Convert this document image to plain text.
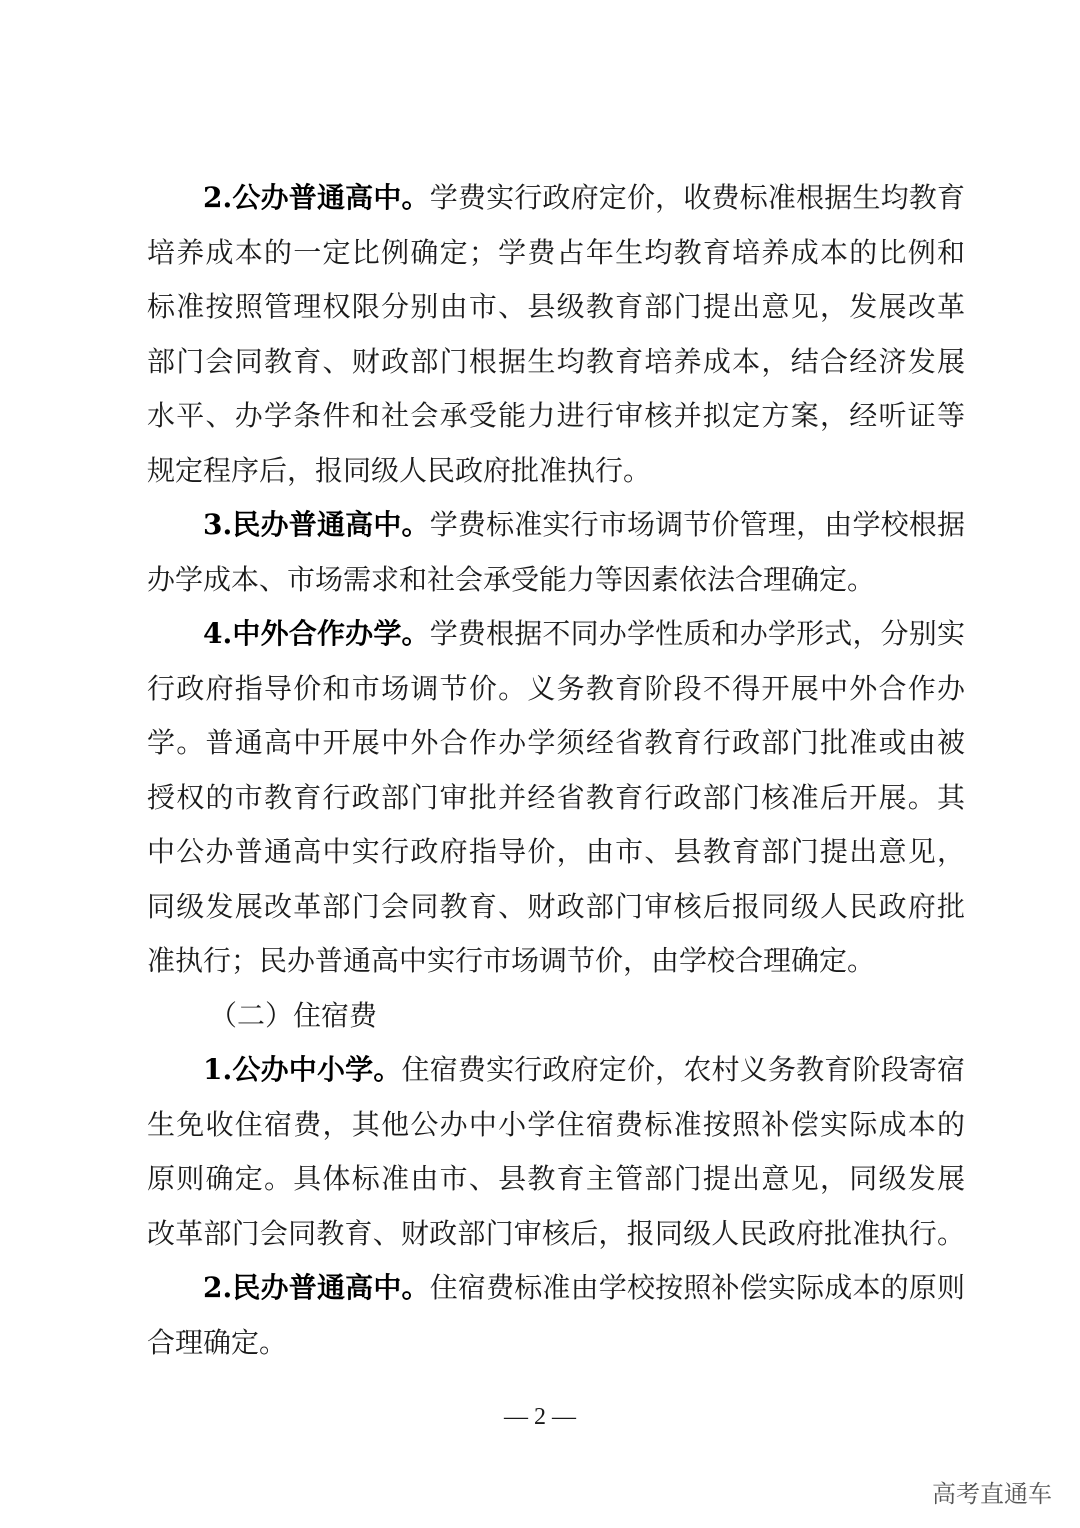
2.公办普通高中。学费实行政府定价，收费标准根据生均教育
培养成本的一定比例确定；学费占年生均教育培养成本的比例和
标准按照管理权限分别由市、县级教育部门提出意见，发展改革
部门会同教育、财政部门根据生均教育培养成本，结合经济发展
水平、办学条件和社会承受能力进行审核并拟定方案，经听证等
规定程序后，报同级人民政府批准执行。
3.民办普通高中。学费标准实行市场调节价管理，由学校根据
办学成本、市场需求和社会承受能力等因素依法合理确定。
4.中外合作办学。学费根据不同办学性质和办学形式，分别实
行政府指导价和市场调节价。义务教育阶段不得开展中外合作办
学。普通高中开展中外合作办学须经省教育行政部门批准或由被
授权的市教育行政部门审批并经省教育行政部门核准后开展。其
中公办普通高中实行政府指导价，由市、县教育部门提出意见，
同级发展改革部门会同教育、财政部门审核后报同级人民政府批
准执行；民办普通高中实行市场调节价，由学校合理确定。
（二）住宿费
1.公办中小学。住宿费实行政府定价，农村义务教育阶段寄宿
生免收住宿费，其他公办中小学住宿费标准按照补偿实际成本的
原则确定。具体标准由市、县教育主管部门提出意见，同级发展
改革部门会同教育、财政部门审核后，报同级人民政府批准执行。
2.民办普通高中。住宿费标准由学校按照补偿实际成本的原则
合理确定。
— 2 —
高考直通车
